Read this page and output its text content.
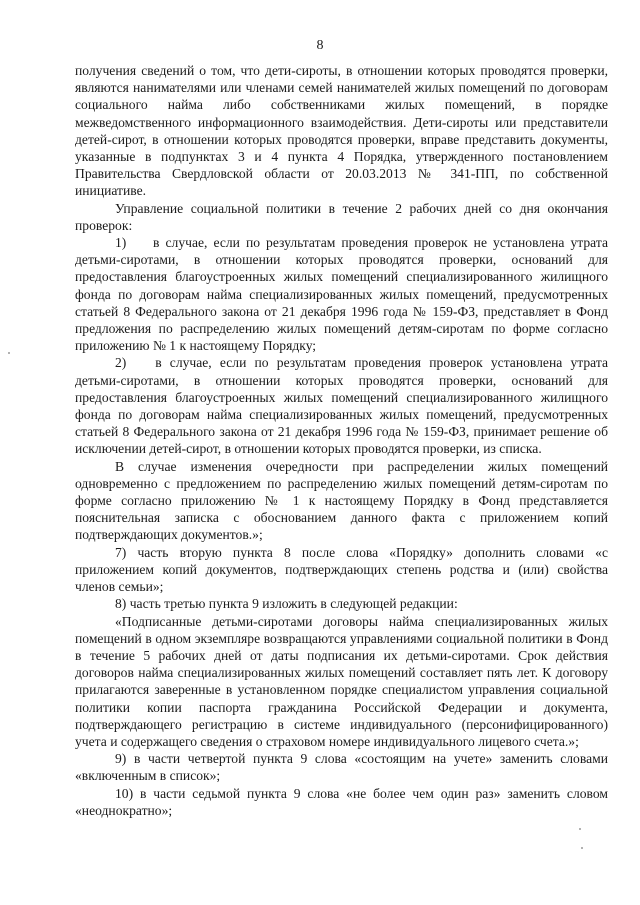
8

получения сведений о том, что дети-сироты, в отношении которых проводятся проверки, являются нанимателями или членами семей нанимателей жилых помещений по договорам социального найма либо собственниками жилых помещений, в порядке межведомственного информационного взаимодействия. Дети-сироты или представители детей-сирот, в отношении которых проводятся проверки, вправе представить документы, указанные в подпунктах 3 и 4 пункта 4 Порядка, утвержденного постановлением Правительства Свердловской области от 20.03.2013 № 341-ПП, по собственной инициативе.

Управление социальной политики в течение 2 рабочих дней со дня окончания проверок:

1) в случае, если по результатам проведения проверок не установлена утрата детьми-сиротами, в отношении которых проводятся проверки, оснований для предоставления благоустроенных жилых помещений специализированного жилищного фонда по договорам найма специализированных жилых помещений, предусмотренных статьей 8 Федерального закона от 21 декабря 1996 года № 159-ФЗ, представляет в Фонд предложения по распределению жилых помещений детям-сиротам по форме согласно приложению № 1 к настоящему Порядку;

2) в случае, если по результатам проведения проверок установлена утрата детьми-сиротами, в отношении которых проводятся проверки, оснований для предоставления благоустроенных жилых помещений специализированного жилищного фонда по договорам найма специализированных жилых помещений, предусмотренных статьей 8 Федерального закона от 21 декабря 1996 года № 159-ФЗ, принимает решение об исключении детей-сирот, в отношении которых проводятся проверки, из списка.

В случае изменения очередности при распределении жилых помещений одновременно с предложением по распределению жилых помещений детям-сиротам по форме согласно приложению № 1 к настоящему Порядку в Фонд представляется пояснительная записка с обоснованием данного факта с приложением копий подтверждающих документов.»;

7) часть вторую пункта 8 после слова «Порядку» дополнить словами «с приложением копий документов, подтверждающих степень родства и (или) свойства членов семьи»;

8) часть третью пункта 9 изложить в следующей редакции:

«Подписанные детьми-сиротами договоры найма специализированных жилых помещений в одном экземпляре возвращаются управлениями социальной политики в Фонд в течение 5 рабочих дней от даты подписания их детьми-сиротами. Срок действия договоров найма специализированных жилых помещений составляет пять лет. К договору прилагаются заверенные в установленном порядке специалистом управления социальной политики копии паспорта гражданина Российской Федерации и документа, подтверждающего регистрацию в системе индивидуального (персонифицированного) учета и содержащего сведения о страховом номере индивидуального лицевого счета.»;

9) в части четвертой пункта 9 слова «состоящим на учете» заменить словами «включенным в список»;

10) в части седьмой пункта 9 слова «не более чем один раз» заменить словом «неоднократно»;
